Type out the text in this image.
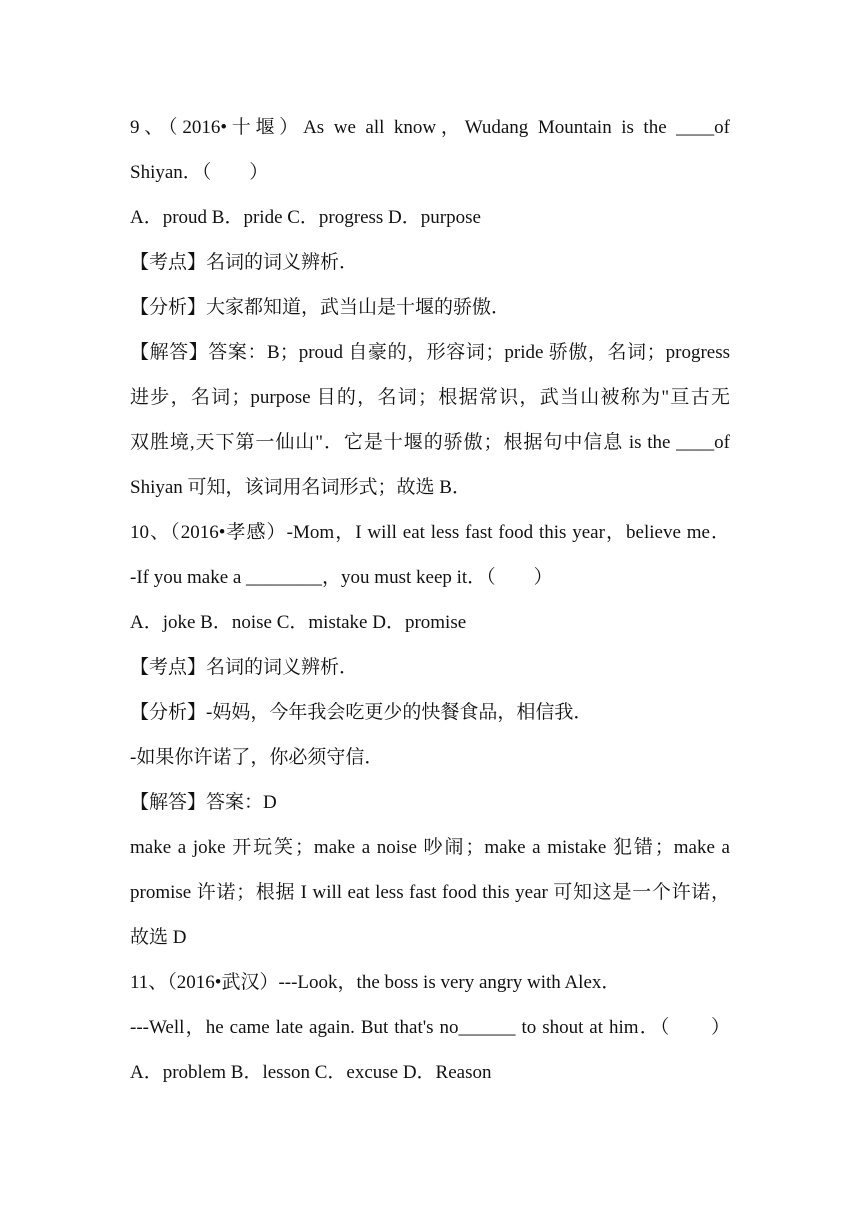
9、（2016•十堰）As we all know，Wudang Mountain is the ____of
Shiyan．（　　）
A．proud B．pride C．progress D．purpose
【考点】名词的词义辨析．
【分析】大家都知道，武当山是十堰的骄傲．
【解答】答案：B；proud 自豪的，形容词；pride 骄傲，名词；progress
进步，名词；purpose 目的，名词；根据常识，武当山被称为"亘古无
双胜境,天下第一仙山"．它是十堰的骄傲；根据句中信息 is the ____of
Shiyan 可知，该词用名词形式；故选 B．
10、（2016•孝感）-Mom，I will eat less fast food this year，believe me．
-If you make a ________，you must keep it．（　　）
A．joke B．noise C．mistake D．promise
【考点】名词的词义辨析．
【分析】-妈妈，今年我会吃更少的快餐食品，相信我．
-如果你许诺了，你必须守信．
【解答】答案：D
make a joke 开玩笑；make a noise 吵闹；make a mistake 犯错；make a
promise 许诺；根据 I will eat less fast food this year 可知这是一个许诺，
故选 D
11、（2016•武汉）---Look，the boss is very angry with Alex．
---Well，he came late again. But that's no______ to shout at him．（　　）
A．problem B．lesson C．excuse D．Reason
